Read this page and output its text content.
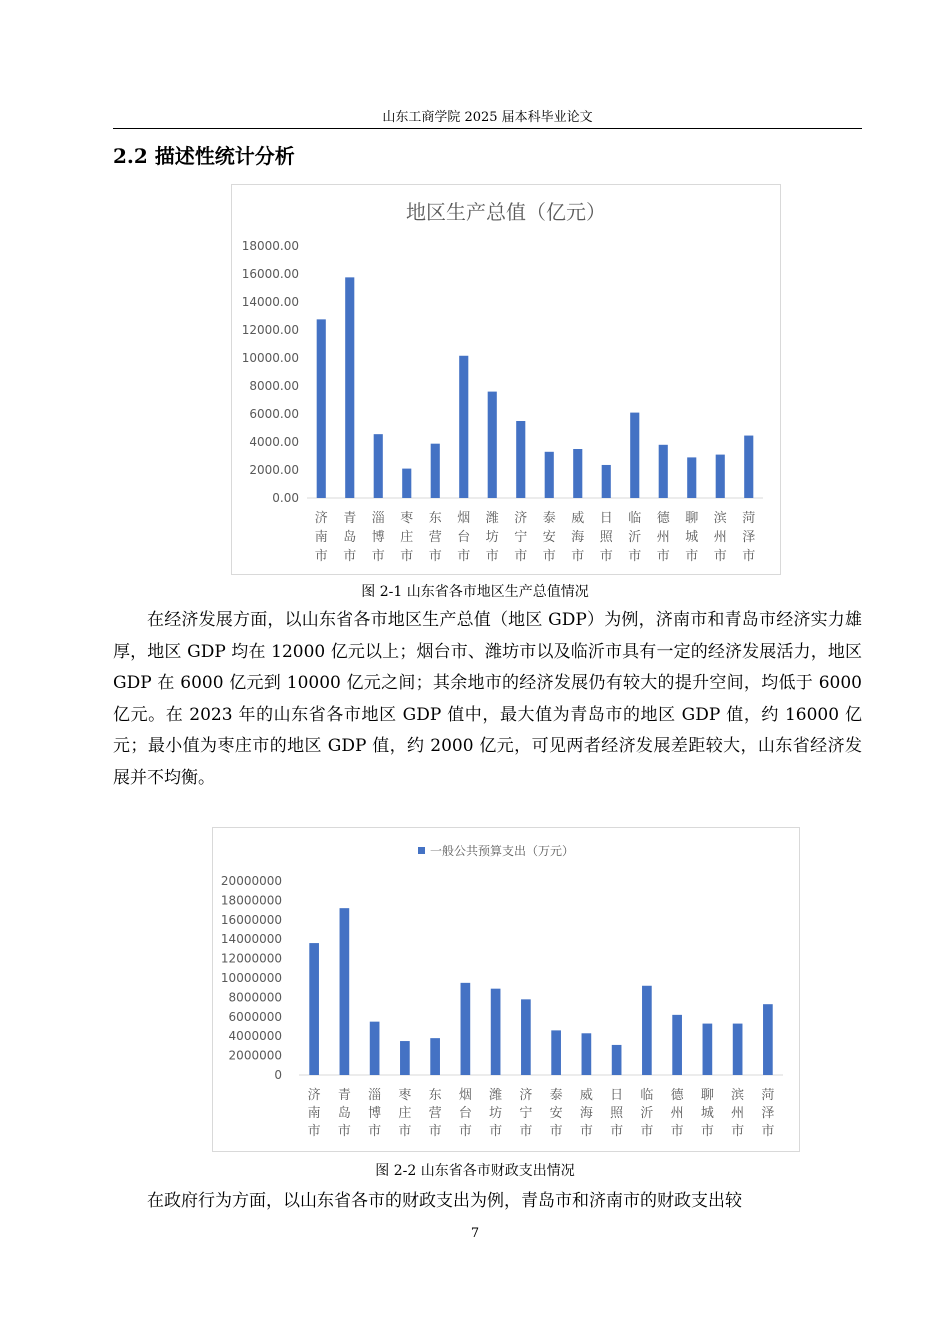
山东工商学院 2025 届本科毕业论文
2.2 描述性统计分析
地区生产总值（亿元）
0.00
2000.00
4000.00
6000.00
8000.00
10000.00
12000.00
14000.00
16000.00
18000.00
济
南
市
青
岛
市
淄
博
市
枣
庄
市
东
营
市
烟
台
市
潍
坊
市
济
宁
市
泰
安
市
威
海
市
日
照
市
临
沂
市
德
州
市
聊
城
市
滨
州
市
菏
泽
市
图 2-1 山东省各市地区生产总值情况

在经济发展方面，以山东省各市地区生产总值（地区 GDP）为例，济南市和青岛市经济实力雄厚，地区 GDP 均在 12000 亿元以上；烟台市、潍坊市以及临沂市具有一定的经济发展活力，地区 GDP 在 6000 亿元到 10000 亿元之间；其余地市的经济发展仍有较大的提升空间，均低于 6000 亿元。在 2023 年的山东省各市地区 GDP 值中，最大值为青岛市的地区 GDP 值，约 16000 亿元；最小值为枣庄市的地区 GDP 值，约 2000 亿元，可见两者经济发展差距较大，山东省经济发展并不均衡。

一般公共预算支出（万元）
0
2000000
4000000
6000000
8000000
10000000
12000000
14000000
16000000
18000000
20000000
济
南
市
青
岛
市
淄
博
市
枣
庄
市
东
营
市
烟
台
市
潍
坊
市
济
宁
市
泰
安
市
威
海
市
日
照
市
临
沂
市
德
州
市
聊
城
市
滨
州
市
菏
泽
市
图 2-2 山东省各市财政支出情况

在政府行为方面，以山东省各市的财政支出为例，青岛市和济南市的财政支出较

7
